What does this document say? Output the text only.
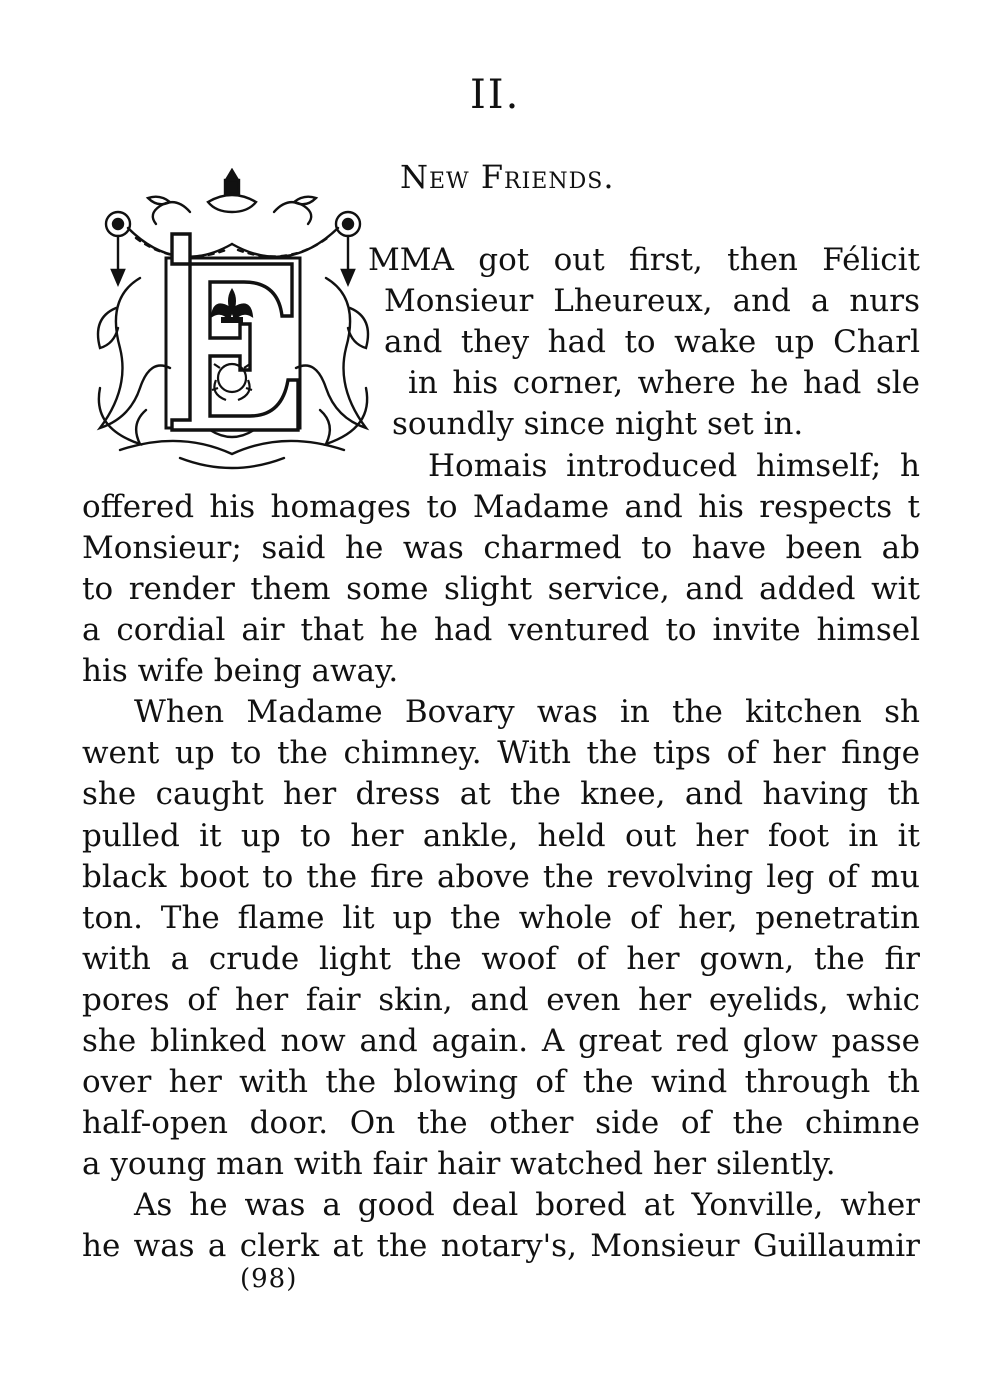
II.
New Friends.
MMA got out first, then Félicit
Monsieur Lheureux, and a nurs
and they had to wake up Charl
in his corner, where he had sle
soundly since night set in.
Homais introduced himself; h
offered his homages to Madame and his respects t
Monsieur; said he was charmed to have been ab
to render them some slight service, and added wit
a cordial air that he had ventured to invite himsel
his wife being away.
When Madame Bovary was in the kitchen sh
went up to the chimney. With the tips of her finge
she caught her dress at the knee, and having th
pulled it up to her ankle, held out her foot in it
black boot to the fire above the revolving leg of mu
ton. The flame lit up the whole of her, penetratin
with a crude light the woof of her gown, the fir
pores of her fair skin, and even her eyelids, whic
she blinked now and again. A great red glow passe
over her with the blowing of the wind through th
half-open door. On the other side of the chimne
a young man with fair hair watched her silently.
As he was a good deal bored at Yonville, wher
he was a clerk at the notary's, Monsieur Guillaumir
(98)
